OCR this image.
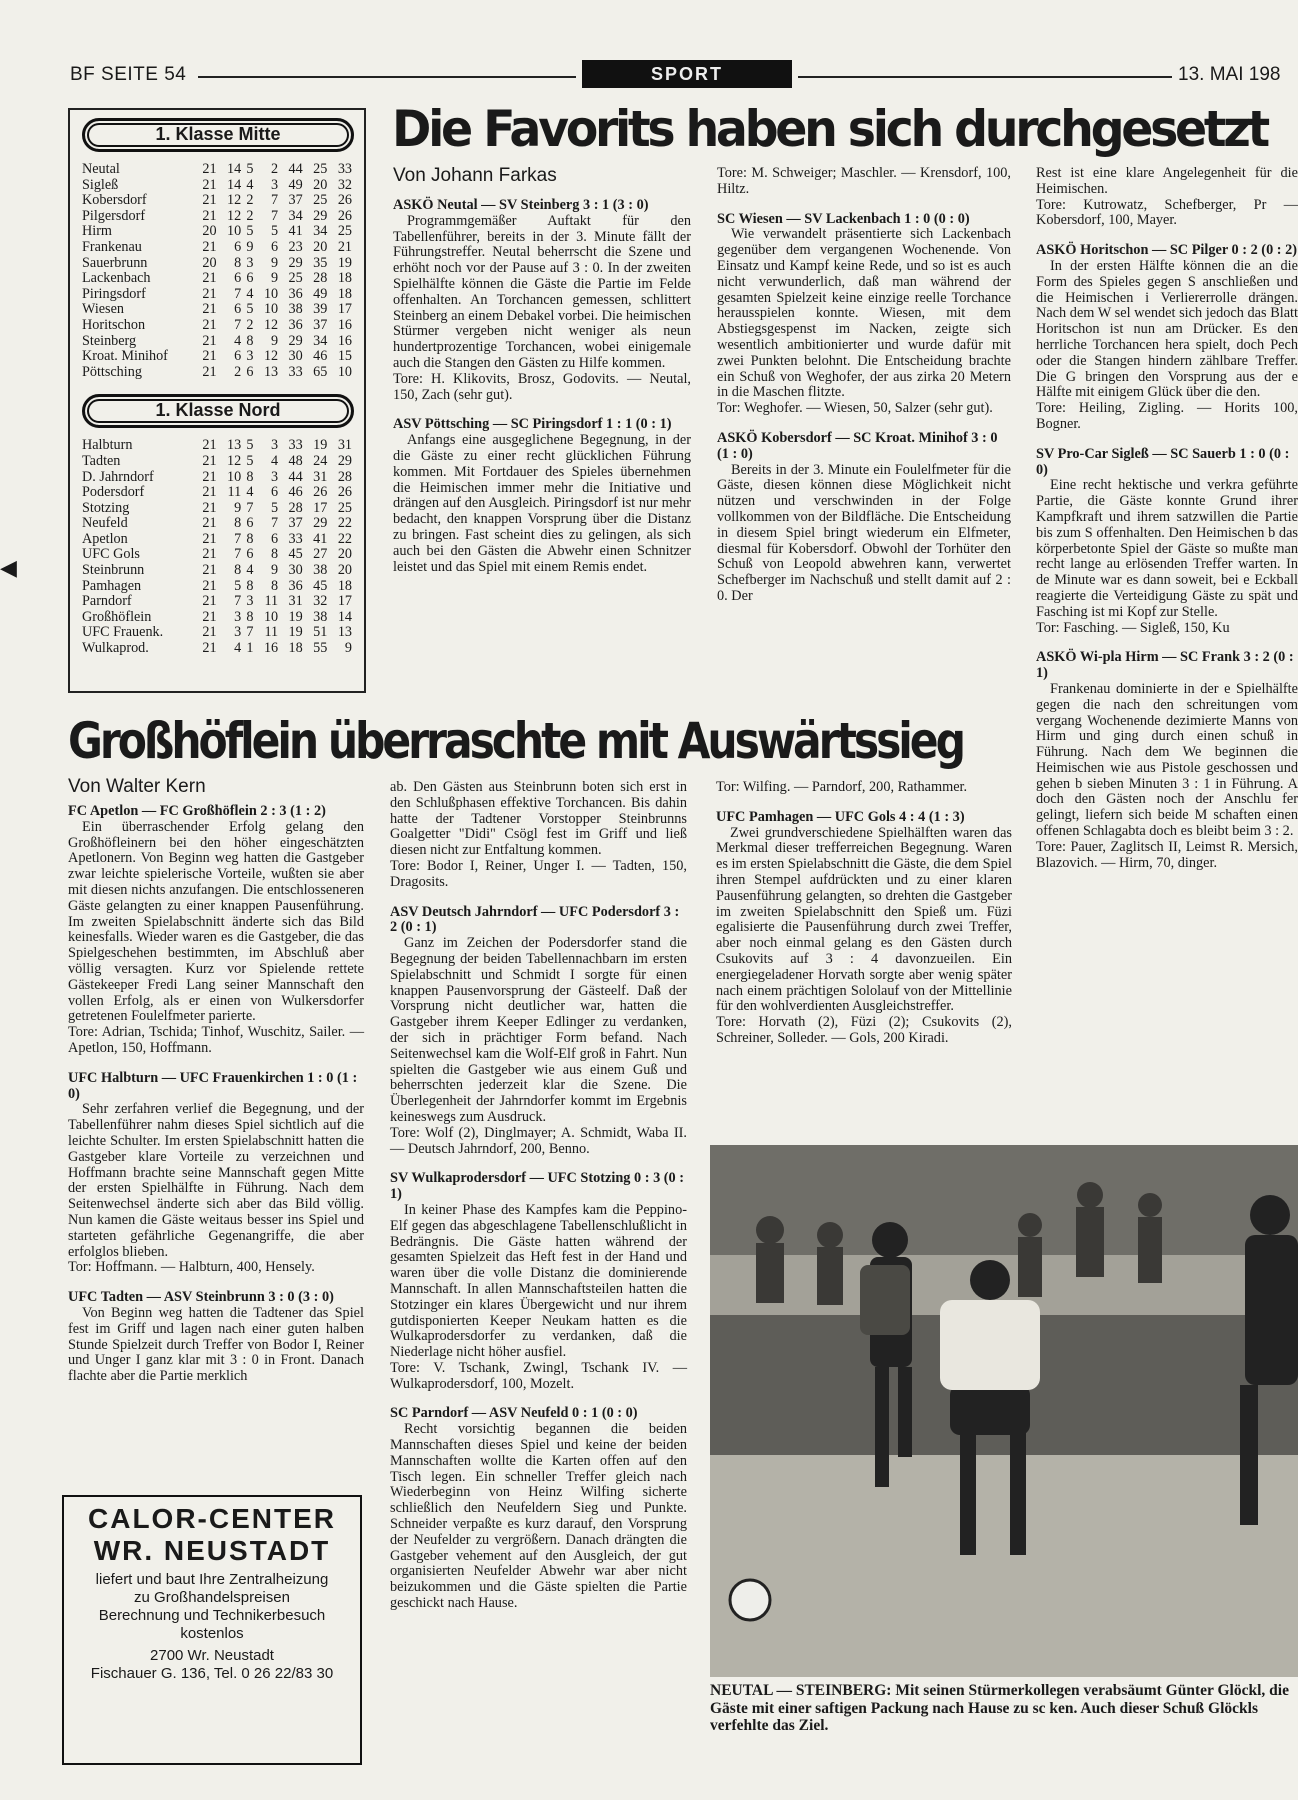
BF SEITE 54	SPORT	13. MAI 198
1. Klasse Mitte
Neutal	21	14	5	2	44	25	33
Sigleß	21	14	4	3	49	20	32
Kobersdorf	21	12	2	7	37	25	26
Pilgersdorf	21	12	2	7	34	29	26
Hirm	20	10	5	5	41	34	25
Frankenau	21	6	9	6	23	20	21
Sauerbrunn	20	8	3	9	29	35	19
Lackenbach	21	6	6	9	25	28	18
Piringsdorf	21	7	4	10	36	49	18
Wiesen	21	6	5	10	38	39	17
Horitschon	21	7	2	12	36	37	16
Steinberg	21	4	8	9	29	34	16
Kroat. Minihof	21	6	3	12	30	46	15
Pöttsching	21	2	6	13	33	65	10
1. Klasse Nord
Halbturn	21	13	5	3	33	19	31
Tadten	21	12	5	4	48	24	29
D. Jahrndorf	21	10	8	3	44	31	28
Podersdorf	21	11	4	6	46	26	26
Stotzing	21	9	7	5	28	17	25
Neufeld	21	8	6	7	37	29	22
Apetlon	21	7	8	6	33	41	22
UFC Gols	21	7	6	8	45	27	20
Steinbrunn	21	8	4	9	30	38	20
Pamhagen	21	5	8	8	36	45	18
Parndorf	21	7	3	11	31	32	17
Großhöflein	21	3	8	10	19	38	14
UFC Frauenk.	21	3	7	11	19	51	13
Wulkaprod.	21	4	1	16	18	55	9
Die Favorits haben sich durchgesetzt
Von Johann Farkas

ASKÖ Neutal — SV Steinberg 3 : 1 (3 : 0)

Programmgemäßer Auftakt für den Tabellenführer, bereits in der 3. Minute fällt der Führungstreffer. Neutal beherrscht die Szene und erhöht noch vor der Pause auf 3 : 0. In der zweiten Spielhälfte können die Gäste die Partie im Felde offenhalten. An Torchancen gemessen, schlittert Steinberg an einem Debakel vorbei. Die heimischen Stürmer vergeben nicht weniger als neun hundertprozentige Torchancen, wobei einigemale auch die Stangen den Gästen zu Hilfe kommen.

Tore: H. Klikovits, Brosz, Godovits. — Neutal, 150, Zach (sehr gut).

ASV Pöttsching — SC Piringsdorf 1 : 1 (0 : 1)

Anfangs eine ausgeglichene Begegnung, in der die Gäste zu einer recht glücklichen Führung kommen. Mit Fortdauer des Spieles übernehmen die Heimischen immer mehr die Initiative und drängen auf den Ausgleich. Piringsdorf ist nur mehr bedacht, den knappen Vorsprung über die Distanz zu bringen. Fast scheint dies zu gelingen, als sich auch bei den Gästen die Abwehr einen Schnitzer leistet und das Spiel mit einem Remis endet.

Tore: M. Schweiger; Maschler. — Krensdorf, 100, Hiltz.

SC Wiesen — SV Lackenbach 1 : 0 (0 : 0)

Wie verwandelt präsentierte sich Lackenbach gegenüber dem vergangenen Wochenende. Von Einsatz und Kampf keine Rede, und so ist es auch nicht verwunderlich, daß man während der gesamten Spielzeit keine einzige reelle Torchance herausspielen konnte. Wiesen, mit dem Abstiegsgespenst im Nacken, zeigte sich wesentlich ambitionierter und wurde dafür mit zwei Punkten belohnt. Die Entscheidung brachte ein Schuß von Weghofer, der aus zirka 20 Metern in die Maschen flitzte.

Tor: Weghofer. — Wiesen, 50, Salzer (sehr gut).

ASKÖ Kobersdorf — SC Kroat. Minihof 3 : 0 (1 : 0)

Bereits in der 3. Minute ein Foulelfmeter für die Gäste, diesen können diese Möglichkeit nicht nützen und verschwinden in der Folge vollkommen von der Bildfläche. Die Entscheidung in diesem Spiel bringt wiederum ein Elfmeter, diesmal für Kobersdorf. Obwohl der Torhüter den Schuß von Leopold abwehren kann, verwertet Schefberger im Nachschuß und stellt damit auf 2 : 0. Der

Rest ist eine klare Angelegenheit für die Heimischen.

Tore: Kutrowatz, Schefberger, Pr — Kobersdorf, 100, Mayer.

ASKÖ Horitschon — SC Pilger 0 : 2 (0 : 2)

In der ersten Hälfte können die an die Form des Spieles gegen S anschließen und die Heimischen i Verliererrolle drängen. Nach dem W sel wendet sich jedoch das Blatt Horitschon ist nun am Drücker. Es den herrliche Torchancen hera spielt, doch Pech oder die Stangen hindern zählbare Treffer. Die G bringen den Vorsprung aus der e Hälfte mit einigem Glück über die den.

Tore: Heiling, Zigling. — Horits 100, Bogner.

SV Pro-Car Sigleß — SC Sauerb 1 : 0 (0 : 0)

Eine recht hektische und verkra geführte Partie, die Gäste konnte Grund ihrer Kampfkraft und ihrem satzwillen die Partie bis zum S offenhalten. Den Heimischen b das körperbetonte Spiel der Gäste so mußte man recht lange au erlösenden Treffer warten. In de Minute war es dann soweit, bei e Eckball reagierte die Verteidigung Gäste zu spät und Fasching ist mi Kopf zur Stelle.

Tor: Fasching. — Sigleß, 150, Ku

ASKÖ Wi-pla Hirm — SC Frank 3 : 2 (0 : 1)

Frankenau dominierte in der e Spielhälfte gegen die nach den schreitungen vom vergang Wochenende dezimierte Manns von Hirm und ging durch einen schuß in Führung. Nach dem We beginnen die Heimischen wie aus Pistole geschossen und gehen b sieben Minuten 3 : 1 in Führung. A doch den Gästen noch der Anschlu fer gelingt, liefern sich beide M schaften einen offenen Schlagabta doch es bleibt beim 3 : 2.

Tore: Pauer, Zaglitsch II, Leimst R. Mersich, Blazovich. — Hirm, 70, dinger.

Großhöflein überraschte mit Auswärtssieg
Von Walter Kern

FC Apetlon — FC Großhöflein 2 : 3 (1 : 2)

Ein überraschender Erfolg gelang den Großhöfleinern bei den höher eingeschätzten Apetlonern. Von Beginn weg hatten die Gastgeber zwar leichte spielerische Vorteile, wußten sie aber mit diesen nichts anzufangen. Die entschlosseneren Gäste gelangten zu einer knappen Pausenführung. Im zweiten Spielabschnitt änderte sich das Bild keinesfalls. Wieder waren es die Gastgeber, die das Spielgeschehen bestimmten, im Abschluß aber völlig versagten. Kurz vor Spielende rettete Gästekeeper Fredi Lang seiner Mannschaft den vollen Erfolg, als er einen von Wulkersdorfer getretenen Foulelfmeter parierte.

Tore: Adrian, Tschida; Tinhof, Wuschitz, Sailer. — Apetlon, 150, Hoffmann.

UFC Halbturn — UFC Frauenkirchen 1 : 0 (1 : 0)

Sehr zerfahren verlief die Begegnung, und der Tabellenführer nahm dieses Spiel sichtlich auf die leichte Schulter. Im ersten Spielabschnitt hatten die Gastgeber klare Vorteile zu verzeichnen und Hoffmann brachte seine Mannschaft gegen Mitte der ersten Spielhälfte in Führung. Nach dem Seitenwechsel änderte sich aber das Bild völlig. Nun kamen die Gäste weitaus besser ins Spiel und starteten gefährliche Gegenangriffe, die aber erfolglos blieben.

Tor: Hoffmann. — Halbturn, 400, Hensely.

UFC Tadten — ASV Steinbrunn 3 : 0 (3 : 0)

Von Beginn weg hatten die Tadtener das Spiel fest im Griff und lagen nach einer guten halben Stunde Spielzeit durch Treffer von Bodor I, Reiner und Unger I ganz klar mit 3 : 0 in Front. Danach flachte aber die Partie merklich

ab. Den Gästen aus Steinbrunn boten sich erst in den Schlußphasen effektive Torchancen. Bis dahin hatte der Tadtener Vorstopper Steinbrunns Goalgetter "Didi" Csögl fest im Griff und ließ diesen nicht zur Entfaltung kommen.

Tore: Bodor I, Reiner, Unger I. — Tadten, 150, Dragosits.

ASV Deutsch Jahrndorf — UFC Podersdorf 3 : 2 (0 : 1)

Ganz im Zeichen der Podersdorfer stand die Begegnung der beiden Tabellennachbarn im ersten Spielabschnitt und Schmidt I sorgte für einen knappen Pausenvorsprung der Gästeelf. Daß der Vorsprung nicht deutlicher war, hatten die Gastgeber ihrem Keeper Edlinger zu verdanken, der sich in prächtiger Form befand. Nach Seitenwechsel kam die Wolf-Elf groß in Fahrt. Nun spielten die Gastgeber wie aus einem Guß und beherrschten jederzeit klar die Szene. Die Überlegenheit der Jahrndorfer kommt im Ergebnis keineswegs zum Ausdruck.

Tore: Wolf (2), Dinglmayer; A. Schmidt, Waba II. — Deutsch Jahrndorf, 200, Benno.

SV Wulkaprodersdorf — UFC Stotzing 0 : 3 (0 : 1)

In keiner Phase des Kampfes kam die Peppino-Elf gegen das abgeschlagene Tabellenschlußlicht in Bedrängnis. Die Gäste hatten während der gesamten Spielzeit das Heft fest in der Hand und waren über die volle Distanz die dominierende Mannschaft. In allen Mannschaftsteilen hatten die Stotzinger ein klares Übergewicht und nur ihrem gutdisponierten Keeper Neukam hatten es die Wulkaprodersdorfer zu verdanken, daß die Niederlage nicht höher ausfiel.

Tore: V. Tschank, Zwingl, Tschank IV. — Wulkaprodersdorf, 100, Mozelt.

SC Parndorf — ASV Neufeld 0 : 1 (0 : 0)

Recht vorsichtig begannen die beiden Mannschaften dieses Spiel und keine der beiden Mannschaften wollte die Karten offen auf den Tisch legen. Ein schneller Treffer gleich nach Wiederbeginn von Heinz Wilfing sicherte schließlich den Neufeldern Sieg und Punkte. Schneider verpaßte es kurz darauf, den Vorsprung der Neufelder zu vergrößern. Danach drängten die Gastgeber vehement auf den Ausgleich, der gut organisierten Neufelder Abwehr war aber nicht beizukommen und die Gäste spielten die Partie geschickt nach Hause.

Tor: Wilfing. — Parndorf, 200, Rathammer.

UFC Pamhagen — UFC Gols 4 : 4 (1 : 3)

Zwei grundverschiedene Spielhälften waren das Merkmal dieser trefferreichen Begegnung. Waren es im ersten Spielabschnitt die Gäste, die dem Spiel ihren Stempel aufdrückten und zu einer klaren Pausenführung gelangten, so drehten die Gastgeber im zweiten Spielabschnitt den Spieß um. Füzi egalisierte die Pausenführung durch zwei Treffer, aber noch einmal gelang es den Gästen durch Csukovits auf 3 : 4 davonzueilen. Ein energiegeladener Horvath sorgte aber wenig später nach einem prächtigen Sololauf von der Mittellinie für den wohlverdienten Ausgleichstreffer.

Tore: Horvath (2), Füzi (2); Csukovits (2), Schreiner, Solleder. — Gols, 200 Kiradi.

CALOR-CENTER
WR. NEUSTADT
liefert und baut Ihre Zentralheizung
zu Großhandelspreisen
Berechnung und Technikerbesuch
kostenlos
2700 Wr. Neustadt
Fischauer G. 136, Tel. 0 26 22/83 30
NEUTAL — STEINBERG: Mit seinen Stürmerkollegen verabsäumt Günter Glöckl, die Gäste mit einer saftigen Packung nach Hause zu sc ken. Auch dieser Schuß Glöckls verfehlte das Ziel.
◀
